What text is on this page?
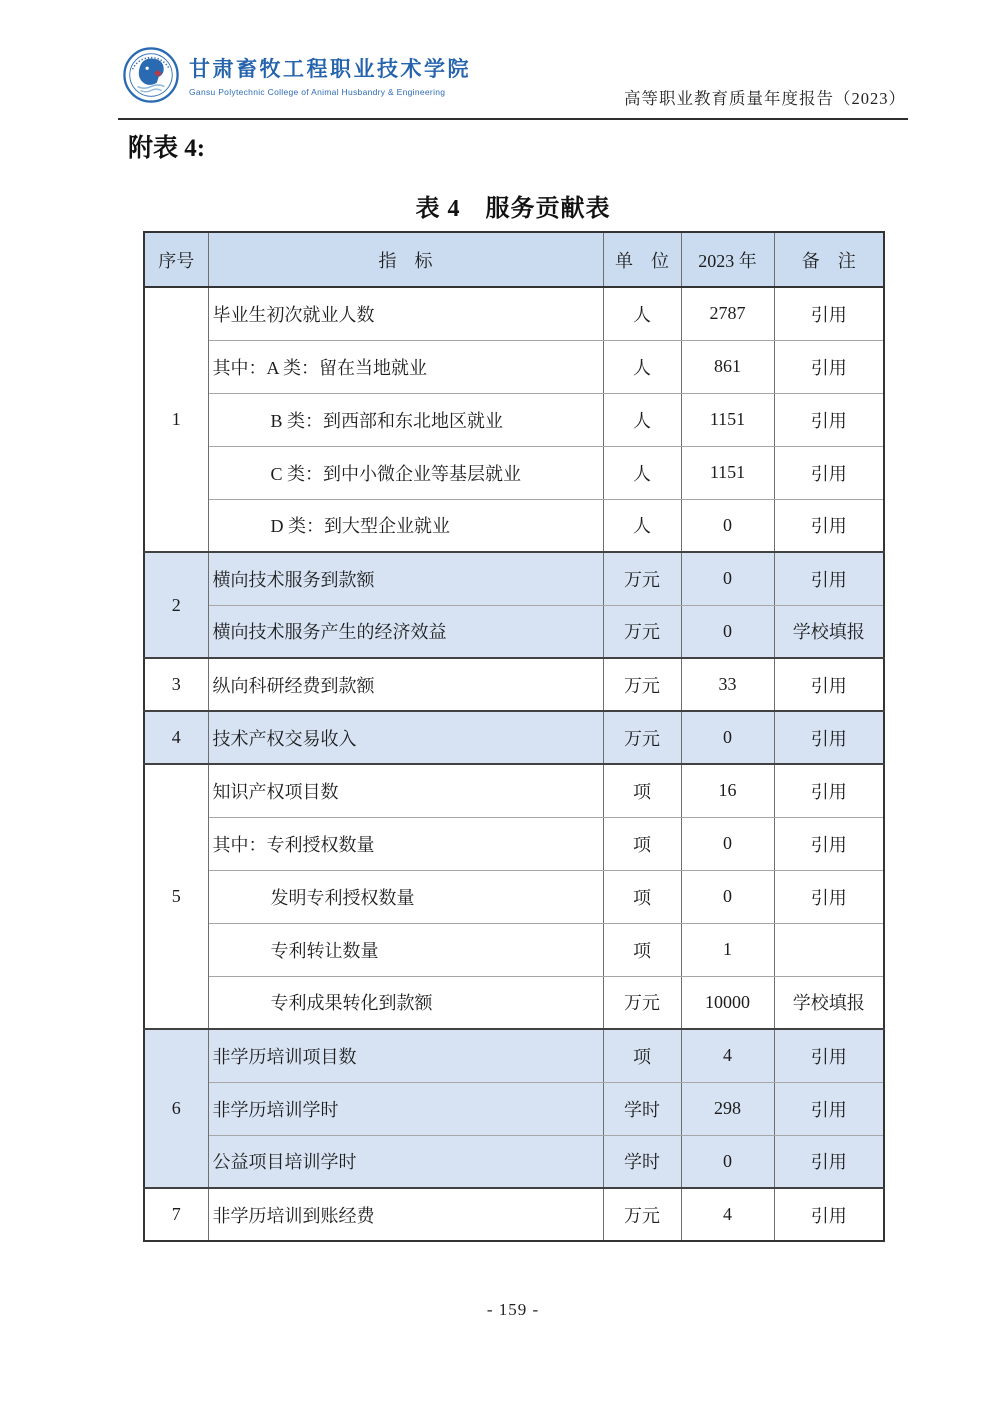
甘肃畜牧工程职业技术学院
Gansu Polytechnic College of Animal Husbandry & Engineering	高等职业教育质量年度报告（2023）
附表 4:
表 4　服务贡献表
序号	指　标	单　位	2023 年	备　注
1	毕业生初次就业人数	人	2787	引用
	其中：A 类：留在当地就业	人	861	引用
	B 类：到西部和东北地区就业	人	1151	引用
	C 类：到中小微企业等基层就业	人	1151	引用
	D 类：到大型企业就业	人	0	引用
2	横向技术服务到款额	万元	0	引用
	横向技术服务产生的经济效益	万元	0	学校填报
3	纵向科研经费到款额	万元	33	引用
4	技术产权交易收入	万元	0	引用
5	知识产权项目数	项	16	引用
	其中：专利授权数量	项	0	引用
	发明专利授权数量	项	0	引用
	专利转让数量	项	1	
	专利成果转化到款额	万元	10000	学校填报
6	非学历培训项目数	项	4	引用
	非学历培训学时	学时	298	引用
	公益项目培训学时	学时	0	引用
7	非学历培训到账经费	万元	4	引用
- 159 -
